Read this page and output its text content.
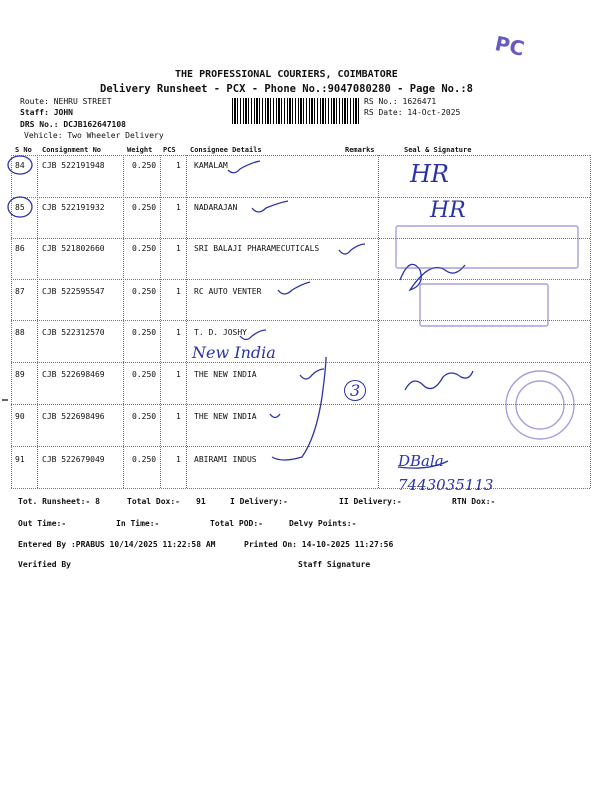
PC
THE PROFESSIONAL COURIERS, COIMBATORE
Delivery Runsheet - PCX - Phone No.:9047080280 - Page No.:8
Route: NEHRU STREET
Staff: JOHN
DRS No.: DCJB162647108
Vehicle: Two Wheeler Delivery
RS No.: 1626471
RS Date: 14-Oct-2025
S No Consignment No	Weight PCS Consignee Details	Remarks	Seal & Signature
84 CJB 522191948	0.250 1 KAMALAM
85 CJB 522191932	0.250 1 NADARAJAN
86 CJB 521802660	0.250 1 SRI BALAJI PHARAMECUTICALS
87 CJB 522595547	0.250 1 RC AUTO VENTER
88 CJB 522312570	0.250 1 T. D. JOSHY
89 CJB 522698469	0.250 1 THE NEW INDIA
90 CJB 522698496	0.250 1 THE NEW INDIA
91 CJB 522679049	0.250 1 ABIRAMI INDUS
HR
HR
New India
3
DBala
7443035113
Tot. Runsheet:- 8	Total Dox:- 91	I Delivery:-	II Delivery:-	RTN Dox:-
Out Time:-	In Time:-	Total POD:-	Delvy Points:-
Entered By :PRABUS 10/14/2025 11:22:58 AM	Printed On: 14-10-2025 11:27:56
Verified By	Staff Signature
